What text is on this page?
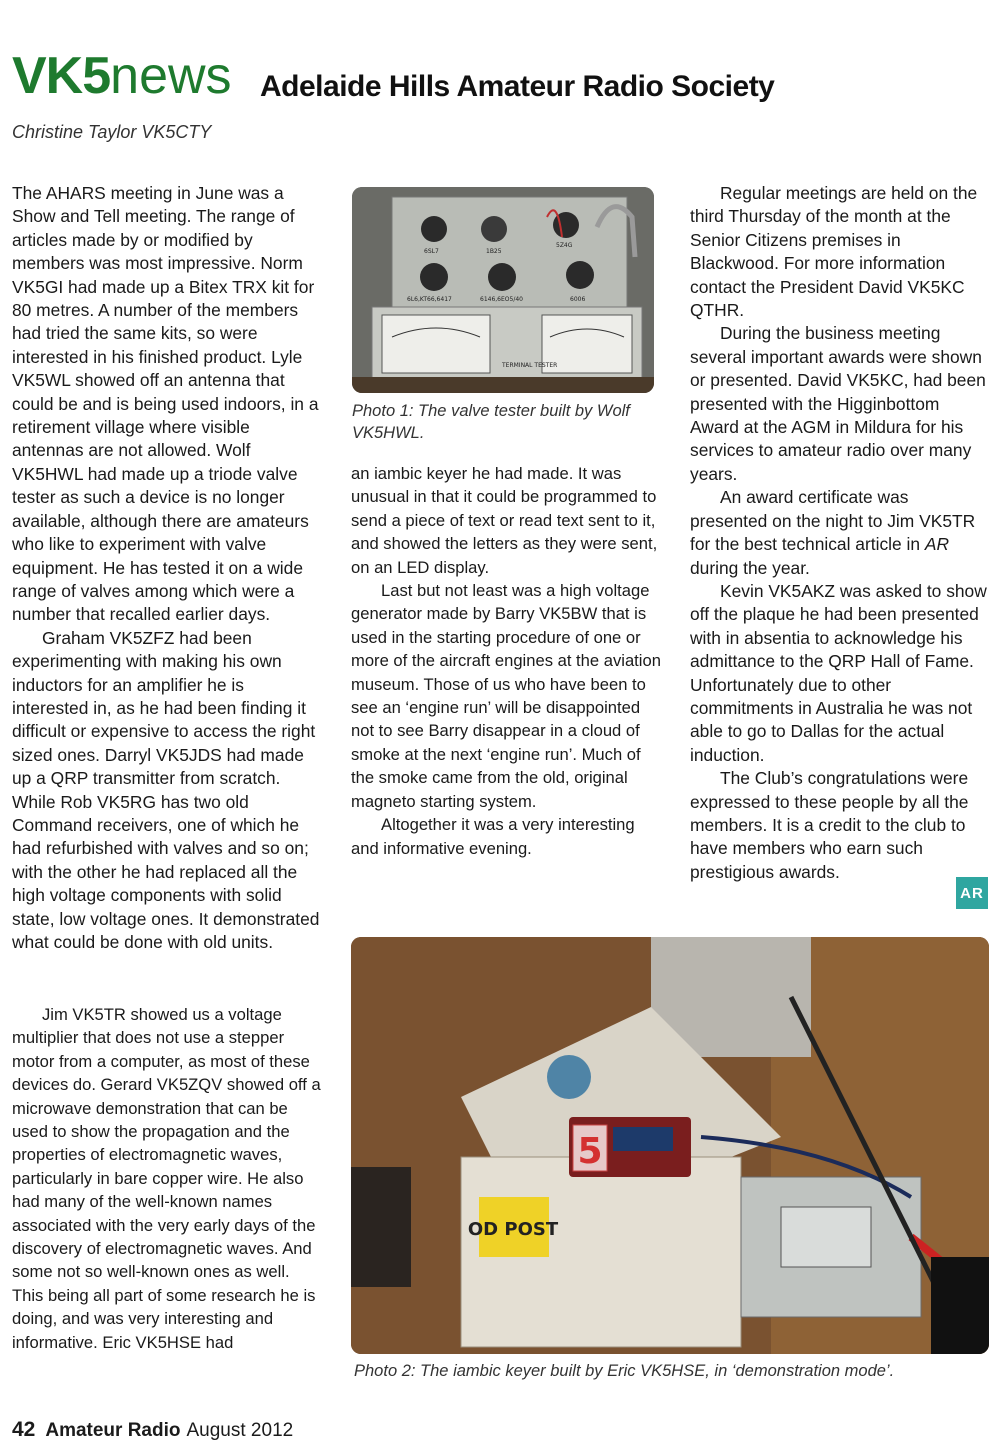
VK5news Adelaide Hills Amateur Radio Society
Christine Taylor VK5CTY

The AHARS meeting in June was a Show and Tell meeting. The range of articles made by or modified by members was most impressive. Norm VK5GI had made up a Bitex TRX kit for 80 metres. A number of the members had tried the same kits, so were interested in his finished product. Lyle VK5WL showed off an antenna that could be and is being used indoors, in a retirement village where visible antennas are not allowed. Wolf VK5HWL had made up a triode valve tester as such a device is no longer available, although there are amateurs who like to experiment with valve equipment. He has tested it on a wide range of valves among which were a number that recalled earlier days.

Graham VK5ZFZ had been experimenting with making his own inductors for an amplifier he is interested in, as he had been finding it difficult or expensive to access the right sized ones. Darryl VK5JDS had made up a QRP transmitter from scratch. While Rob VK5RG has two old Command receivers, one of which he had refurbished with valves and so on; with the other he had replaced all the high voltage components with solid state, low voltage ones. It demonstrated what could be done with old units.

Jim VK5TR showed us a voltage multiplier that does not use a stepper motor from a computer, as most of these devices do. Gerard VK5ZQV showed off a microwave demonstration that can be used to show the propagation and the properties of electromagnetic waves, particularly in bare copper wire. He also had many of the well-known names associated with the very early days of the discovery of electromagnetic waves. And some not so well-known ones as well. This being all part of some research he is doing, and was very interesting and informative. Eric VK5HSE had

6SL7	1B25
5Z4G
6L6,KT66,6417	6146,6EO5/40	6006
TERMINAL TESTER
Photo 1: The valve tester built by Wolf VK5HWL.

an iambic keyer he had made. It was unusual in that it could be programmed to send a piece of text or read text sent to it, and showed the letters as they were sent, on an LED display.

Last but not least was a high voltage generator made by Barry VK5BW that is used in the starting procedure of one or more of the aircraft engines at the aviation museum. Those of us who have been to see an ‘engine run’ will be disappointed not to see Barry disappear in a cloud of smoke at the next ‘engine run’. Much of the smoke came from the old, original magneto starting system.

Altogether it was a very interesting and informative evening.

Regular meetings are held on the third Thursday of the month at the Senior Citizens premises in Blackwood. For more information contact the President David VK5KC QTHR.

During the business meeting several important awards were shown or presented. David VK5KC, had been presented with the Higginbottom Award at the AGM in Mildura for his services to amateur radio over many years.

An award certificate was presented on the night to Jim VK5TR for the best technical article in AR during the year.

Kevin VK5AKZ was asked to show off the plaque he had been presented with in absentia to acknowledge his admittance to the QRP Hall of Fame. Unfortunately due to other commitments in Australia he was not able to go to Dallas for the actual induction.

The Club’s congratulations were expressed to these people by all the members. It is a credit to the club to have members who earn such prestigious awards.

AR
5
OD POST
Photo 2: The iambic keyer built by Eric VK5HSE, in ‘demonstration mode’.
42 Amateur Radio August 2012
